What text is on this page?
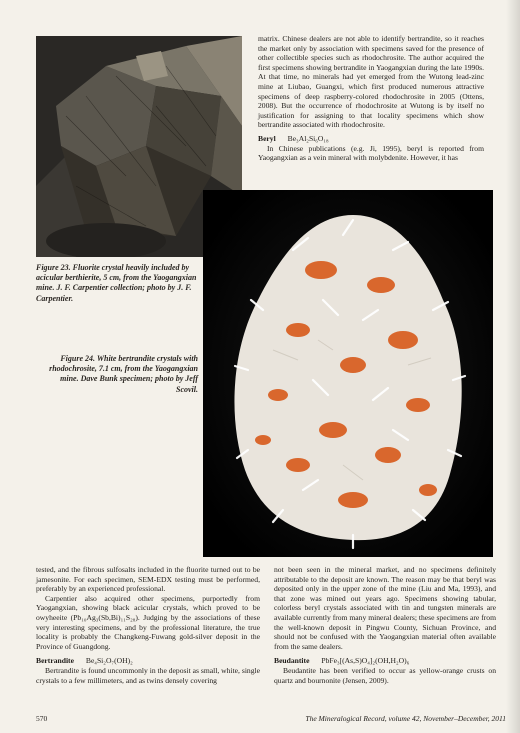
Figure 23. Fluorite crystal heavily included by acicular berthierite, 5 cm, from the Yaogangxian mine. J. F. Carpentier collection; photo by J. F. Carpentier.
Figure 24. White bertrandite crystals with rhodochrosite, 7.1 cm, from the Yaogangxian mine. Dave Bunk specimen; photo by Jeff Scovil.

matrix. Chinese dealers are not able to identify bertrandite, so it reaches the market only by association with specimens saved for the presence of other collectible species such as rhodochrosite. The author acquired the first specimens showing bertrandite in Yaogangxian during the late 1990s. At that time, no minerals had yet emerged from the Wutong lead-zinc mine at Liubao, Guangxi, which first produced numerous attractive specimens of deep raspberry-colored rhodochrosite in 2005 (Ottens, 2008). But the occurrence of rhodochrosite at Wutong is by itself no justification for assigning to that locality specimens which show bertrandite associated with rhodochrosite.

Beryl Be₃Al₂Si₆O₁₈

In Chinese publications (e.g. Ji, 1995), beryl is reported from Yaogangxian as a vein mineral with molybdenite. However, it has

tested, and the fibrous sulfosalts included in the fluorite turned out to be jamesonite. For each specimen, SEM-EDX testing must be performed, preferably by an experienced professional.

Carpentier also acquired other specimens, purportedly from Yaogangxian, showing black acicular crystals, which proved to be owyheeite (Pb₁₀Ag₃(Sb,Bi)₁₁S₂₈). Judging by the associations of these very interesting specimens, and by the professional literature, the true locality is probably the Changkeng-Fuwang gold-silver deposit in the Province of Guangdong.

Bertrandite Be₄Si₂O₇(OH)₂

Bertrandite is found uncommonly in the deposit as small, white, single crystals to a few millimeters, and as twins densely covering

not been seen in the mineral market, and no specimens definitely attributable to the deposit are known. The reason may be that beryl was deposited only in the upper zone of the mine (Liu and Ma, 1993), and that zone was mined out years ago. Specimens showing tabular, colorless beryl crystals associated with tin and tungsten minerals are available currently from many mineral dealers; these specimens are from the well-known deposit in Pingwu County, Sichuan Province, and should not be confused with the Yaogangxian material often available from the same dealers.

Beudantite PbFe₃[(As,S)O₄]₂(OH,H₂O)₆

Beudantite has been verified to occur as yellow-orange crusts on quartz and bournonite (Jensen, 2009).

570	The Mineralogical Record, volume 42, November–December, 2011
